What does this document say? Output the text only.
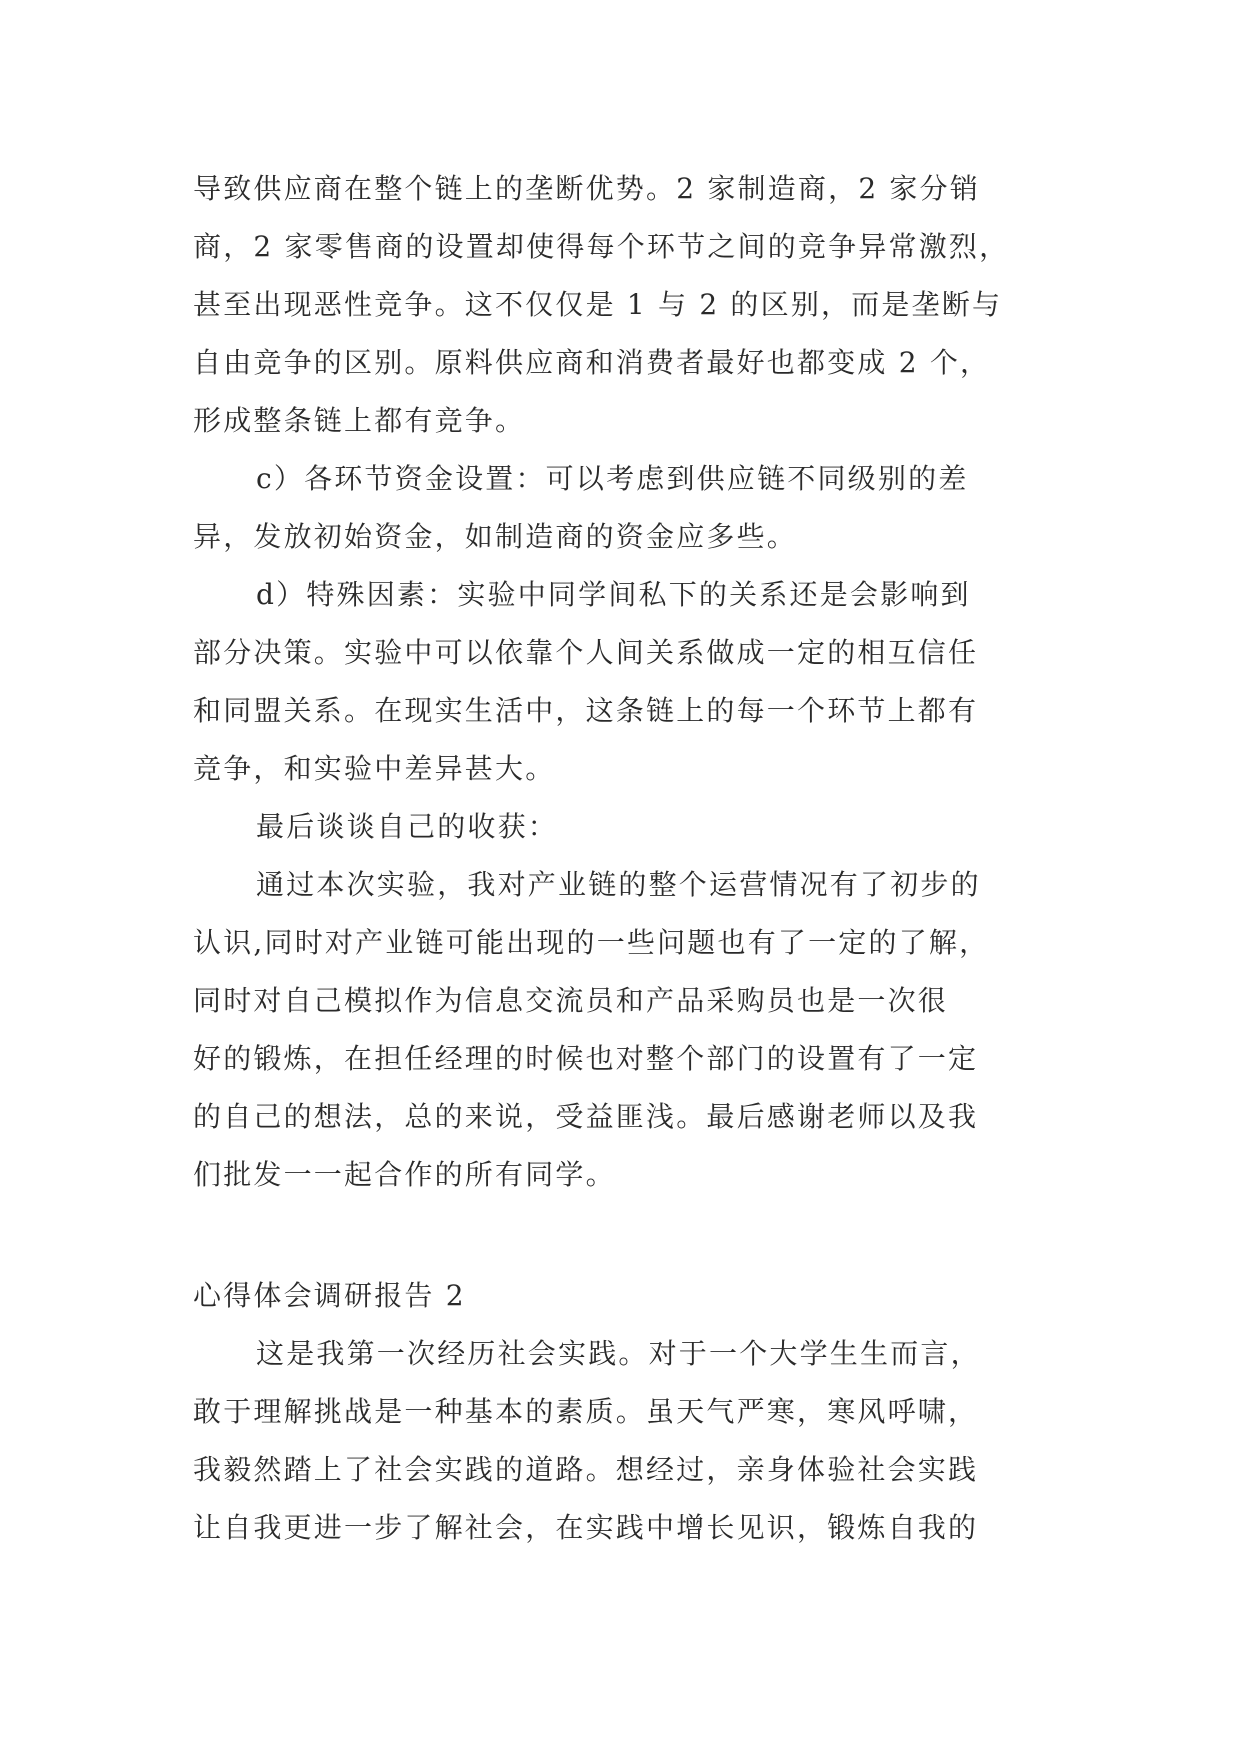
导致供应商在整个链上的垄断优势。2 家制造商，2 家分销
商，2 家零售商的设置却使得每个环节之间的竞争异常激烈，
甚至出现恶性竞争。这不仅仅是 1 与 2 的区别，而是垄断与
自由竞争的区别。原料供应商和消费者最好也都变成 2 个，
形成整条链上都有竞争。
c）各环节资金设置：可以考虑到供应链不同级别的差
异，发放初始资金，如制造商的资金应多些。
d）特殊因素：实验中同学间私下的关系还是会影响到
部分决策。实验中可以依靠个人间关系做成一定的相互信任
和同盟关系。在现实生活中，这条链上的每一个环节上都有
竞争，和实验中差异甚大。
最后谈谈自己的收获：
通过本次实验，我对产业链的整个运营情况有了初步的
认识,同时对产业链可能出现的一些问题也有了一定的了解，
同时对自己模拟作为信息交流员和产品采购员也是一次很
好的锻炼，在担任经理的时候也对整个部门的设置有了一定
的自己的想法，总的来说，受益匪浅。最后感谢老师以及我
们批发一一起合作的所有同学。
心得体会调研报告 2
这是我第一次经历社会实践。对于一个大学生生而言，
敢于理解挑战是一种基本的素质。虽天气严寒，寒风呼啸，
我毅然踏上了社会实践的道路。想经过，亲身体验社会实践
让自我更进一步了解社会，在实践中增长见识，锻炼自我的
